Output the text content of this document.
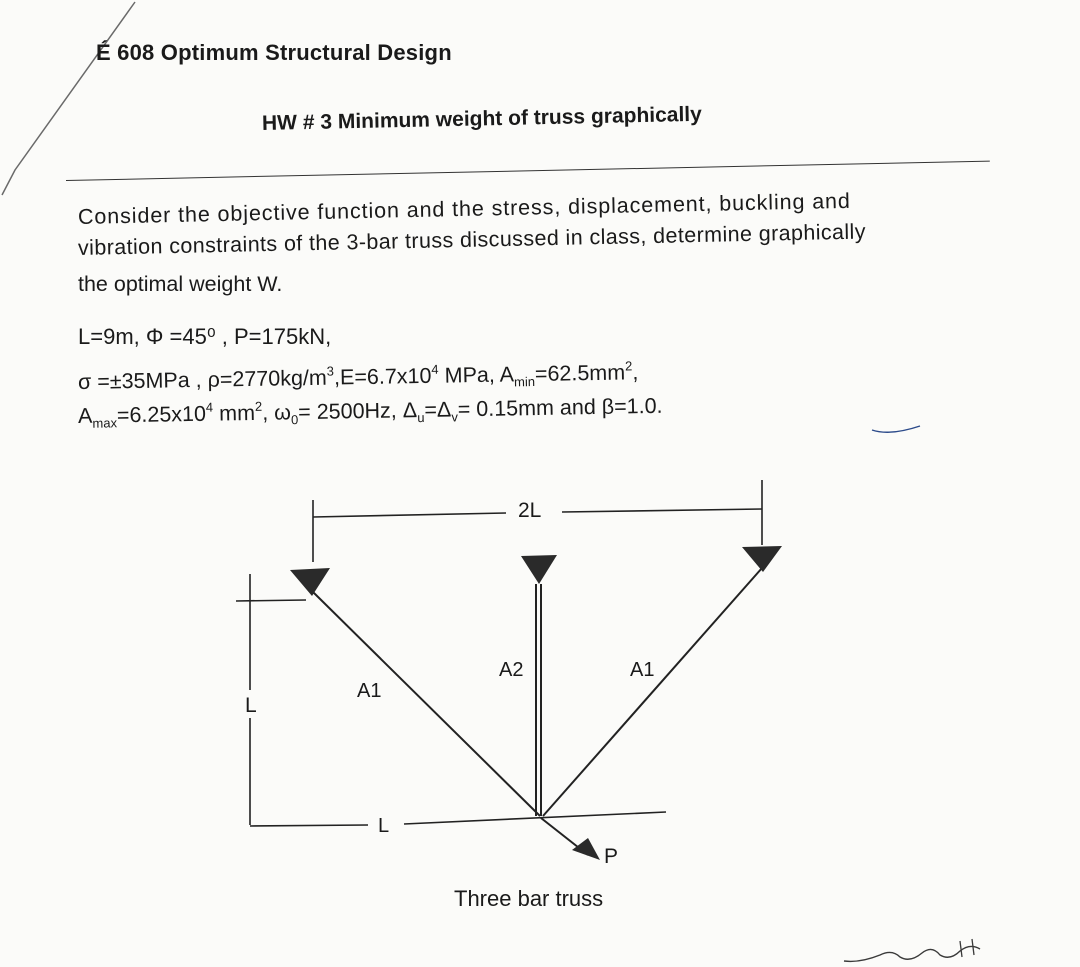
É 608 Optimum Structural Design
HW # 3 Minimum weight of truss graphically
Consider the objective function and the stress, displacement, buckling and
vibration constraints of the 3-bar truss discussed in class, determine graphically
the optimal weight W.
L=9m, Φ =45⁰ , P=175kN,
σ =±35MPa , $\rho=2770kg/m^3,E=6.7x10^4$ MPa, $A_{min}=62.5mm^2$,
$A_{max}=6.25x10^4$ $mm^2$, $\omega_0= 2500Hz$, $\Delta_u=\Delta_v= 0.15mm$ and β=1.0.
2L
L
L
A1
A2	A1
P
Three bar truss
